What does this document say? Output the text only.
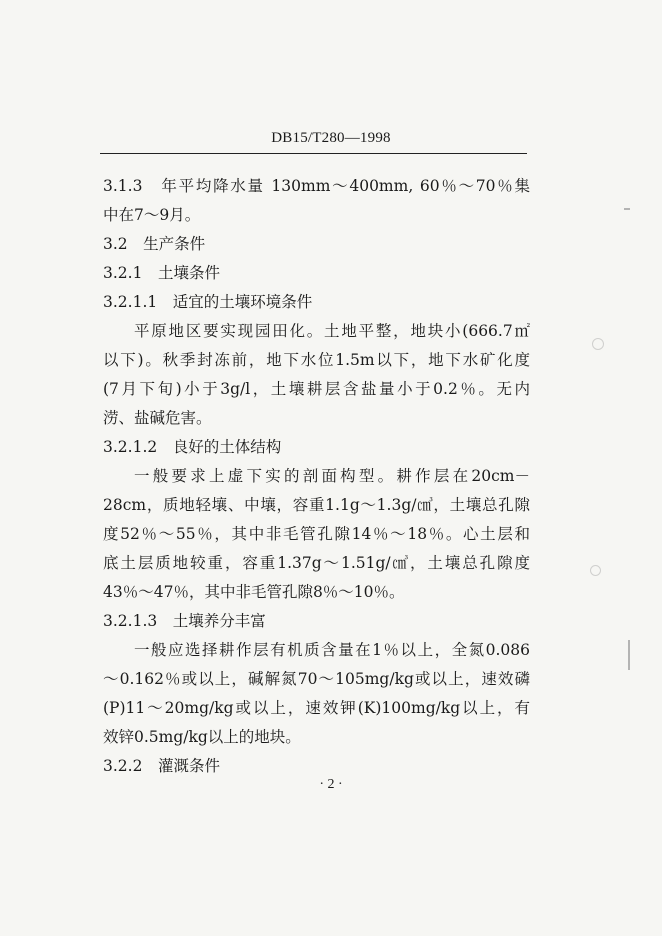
DB15/T280—1998
3.1.3　年平均降水量 130mm～400mm, 60％～70％集
中在7～9月。
3.2　生产条件
3.2.1　土壤条件
3.2.1.1　适宜的土壤环境条件
平原地区要实现园田化。土地平整，地块小(666.7㎡
以下)。秋季封冻前，地下水位1.5m以下，地下水矿化度
(7月下旬)小于3g/l，土壤耕层含盐量小于0.2％。无内
涝、盐碱危害。
3.2.1.2　良好的土体结构
一般要求上虚下实的剖面构型。耕作层在20cm－
28cm，质地轻壤、中壤，容重1.1g～1.3g/㎤，土壤总孔隙
度52％～55％，其中非毛管孔隙14％～18％。心土层和
底土层质地较重，容重1.37g～1.51g/㎤，土壤总孔隙度
43％～47％，其中非毛管孔隙8％～10％。
3.2.1.3　土壤养分丰富
一般应选择耕作层有机质含量在1％以上，全氮0.086
～0.162％或以上，碱解氮70～105mg/kg或以上，速效磷
(P)11～20mg/kg或以上，速效钾(K)100mg/kg以上，有
效锌0.5mg/kg以上的地块。
3.2.2　灌溉条件
· 2 ·
